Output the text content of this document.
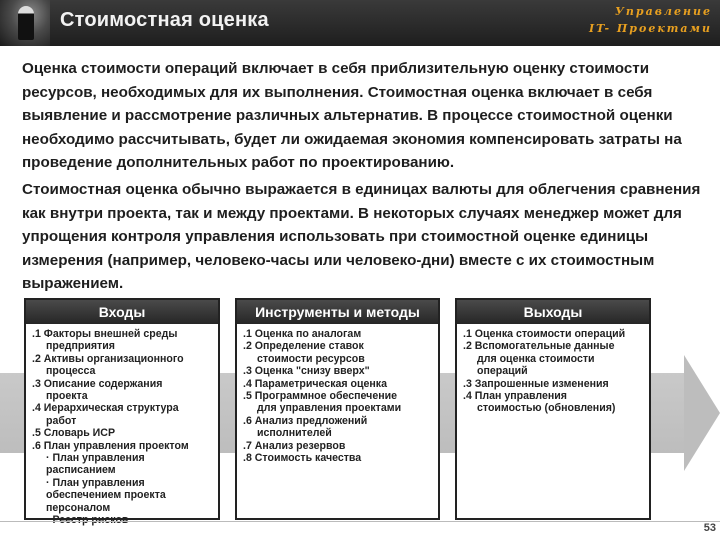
Стоимостная оценка	Управление
IT- Проектами
Оценка стоимости операций включает в себя приблизительную оценку стоимости ресурсов, необходимых для их выполнения. Стоимостная оценка включает в себя выявление и рассмотрение различных альтернатив. В процессе стоимостной оценки необходимо рассчитывать, будет ли ожидаемая экономия компенсировать затраты на проведение дополнительных работ по проектированию.
Стоимостная оценка обычно выражается в единицах валюты для облегчения сравнения как внутри проекта, так и между проектами. В некоторых случаях менеджер может для упрощения контроля управления использовать при стоимостной оценке единицы измерения (например, человеко-часы или человеко-дни) вместе с их стоимостным выражением.
Входы
.1 Факторы внешней среды
предприятия
.2 Активы организационного
процесса
.3 Описание содержания
проекта
.4 Иерархическая структура
работ
.5 Словарь ИСР
.6 План управления проектом
· План управления
расписанием
· План управления
обеспечением проекта
персоналом
Инструменты и методы
.1 Оценка по аналогам
.2 Определение ставок
стоимости ресурсов
.3 Оценка "снизу вверх"
.4 Параметрическая оценка
.5 Программное обеспечение
для управления проектами
.6 Анализ предложений
исполнителей
.7 Анализ резервов
.8 Стоимость качества
Выходы
.1 Оценка стоимости операций
.2 Вспомогательные данные
для оценка стоимости
операций
.3 Запрошенные изменения
.4 План управления
стоимостью (обновления)
53
